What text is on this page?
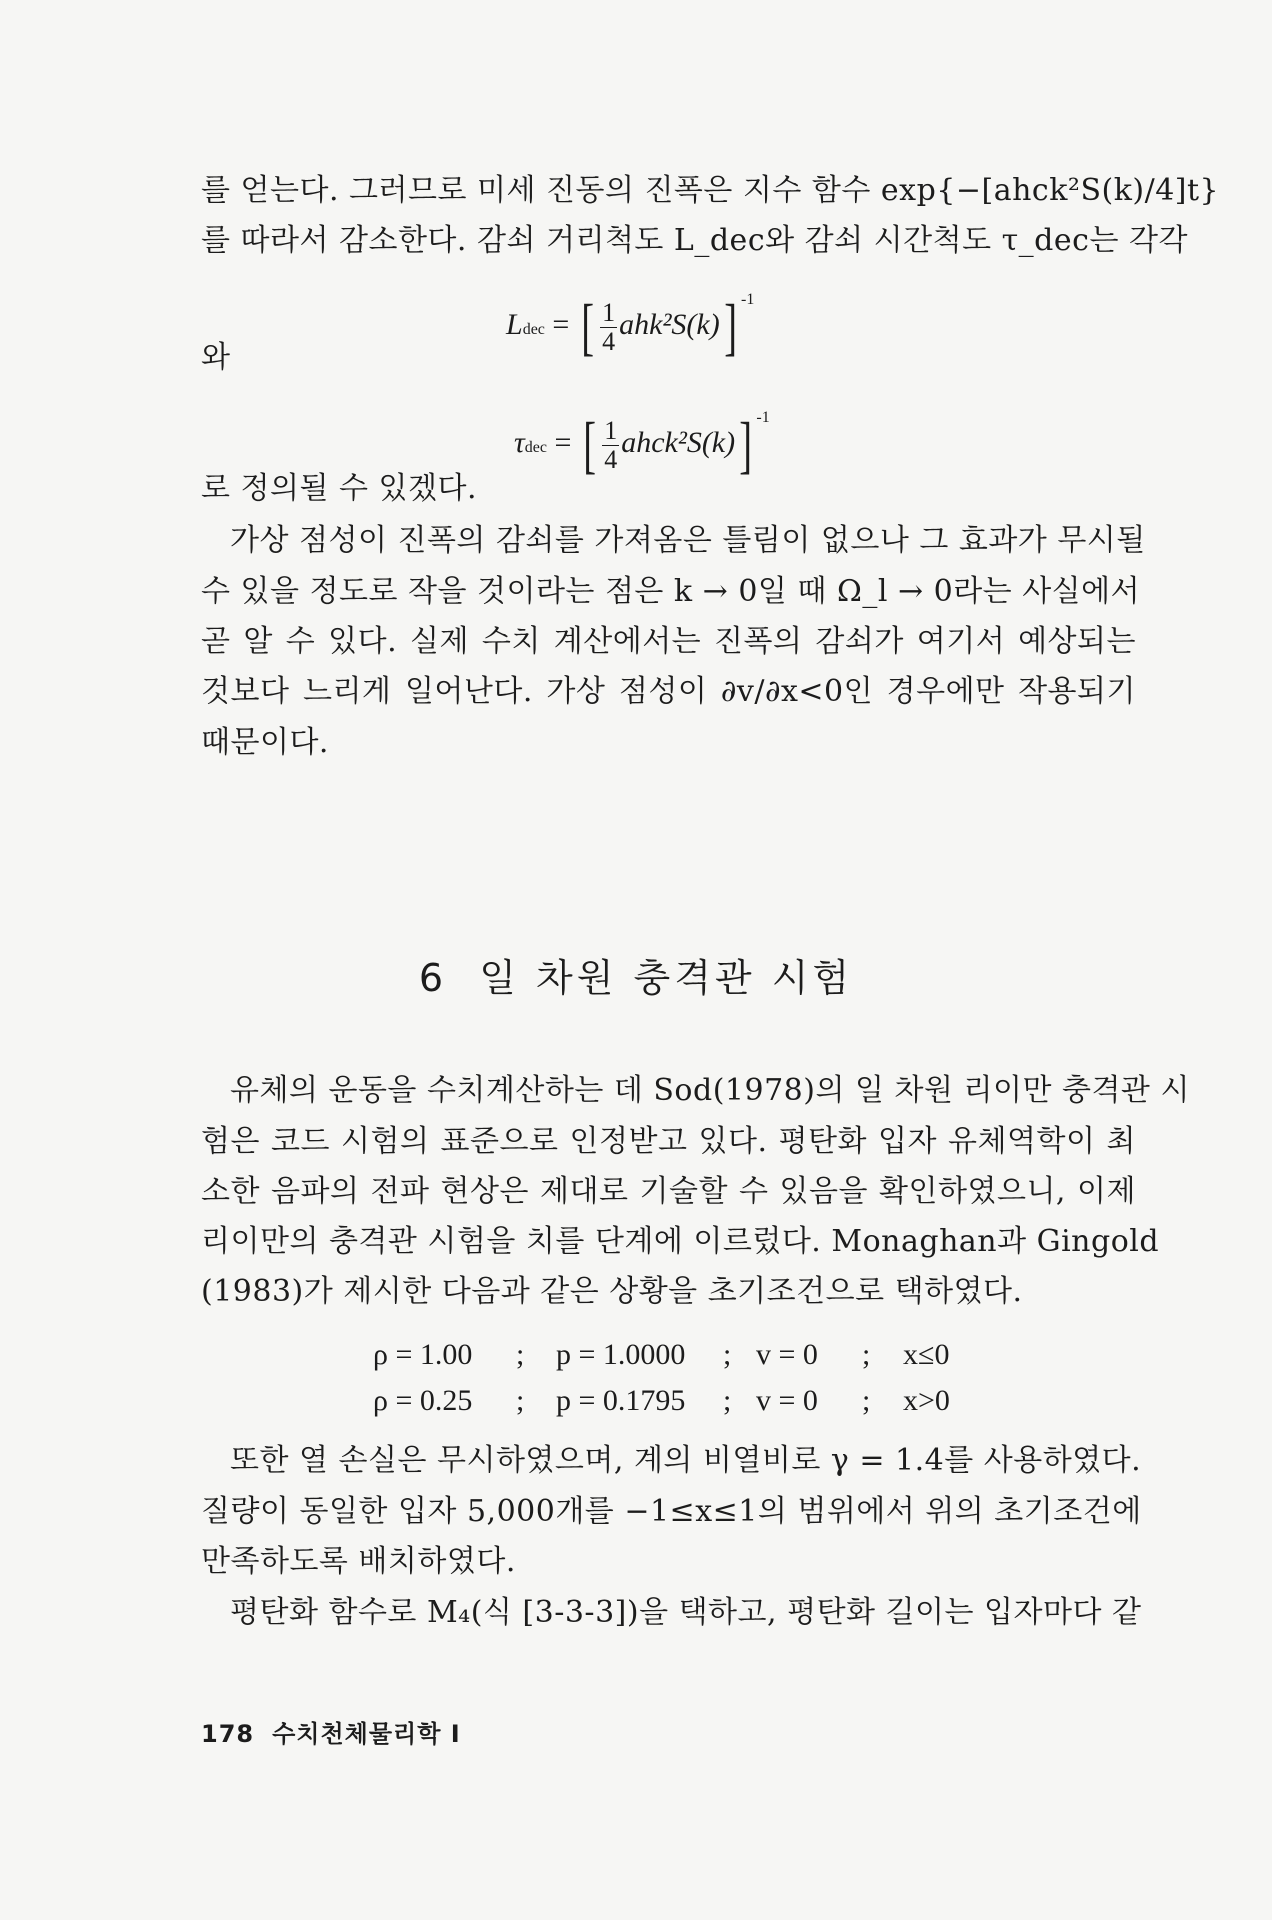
를 얻는다. 그러므로 미세 진동의 진폭은 지수 함수 exp{−[ahck²S(k)/4]t}
를 따라서 감소한다. 감쇠 거리척도 L_dec와 감쇠 시간척도 τ_dec는 각각
Ldec = [ $\frac{1}{4} ahk^2S(k)$] $^{-1}$
와
τdec = [ $\frac{1}{4}$ ahck²S(k)] $^{-1}$
로 정의될 수 있겠다.
가상 점성이 진폭의 감쇠를 가져옴은 틀림이 없으나 그 효과가 무시될
수 있을 정도로 작을 것이라는 점은 k → 0일 때 Ω_l → 0라는 사실에서
곧 알 수 있다. 실제 수치 계산에서는 진폭의 감쇠가 여기서 예상되는
것보다 느리게 일어난다. 가상 점성이 ∂v/∂x<0인 경우에만 작용되기
때문이다.
6 일 차원 충격관 시험
유체의 운동을 수치계산하는 데 Sod(1978)의 일 차원 리이만 충격관 시
험은 코드 시험의 표준으로 인정받고 있다. 평탄화 입자 유체역학이 최
소한 음파의 전파 현상은 제대로 기술할 수 있음을 확인하였으니, 이제
리이만의 충격관 시험을 치를 단계에 이르렀다. Monaghan과 Gingold
(1983)가 제시한 다음과 같은 상황을 초기조건으로 택하였다.
ρ = 1.00 ; p = 1.0000 ; v = 0 ; x≤0
ρ = 0.25 ; p = 0.1795 ; v = 0 ; x>0
또한 열 손실은 무시하였으며, 계의 비열비로 γ = 1.4를 사용하였다.
질량이 동일한 입자 5,000개를 −1≤x≤1의 범위에서 위의 초기조건에
만족하도록 배치하였다.
평탄화 함수로 M₄(식 [3-3-3])을 택하고, 평탄화 길이는 입자마다 같
178 수치천체물리학 I
